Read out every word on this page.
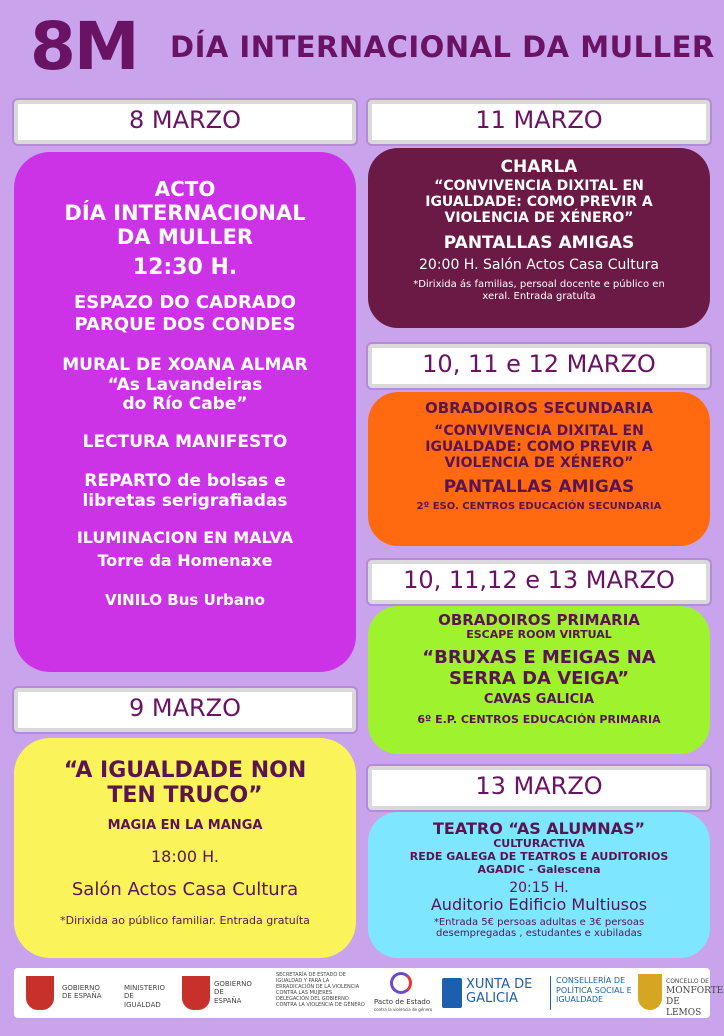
8M DÍA INTERNACIONAL DA MULLER
8 MARZO
ACTO
DÍA INTERNACIONAL
DA MULLER
12:30 H.
ESPAZO DO CADRADO
PARQUE DOS CONDES
MURAL DE XOANA ALMAR
“As Lavandeiras
do Río Cabe”
LECTURA MANIFESTO
REPARTO de bolsas e
libretas serigrafiadas
ILUMINACION EN MALVA
Torre da Homenaxe
VINILO Bus Urbano
9 MARZO
“A IGUALDADE NON
TEN TRUCO”
MAGIA EN LA MANGA
18:00 H.
Salón Actos Casa Cultura
*Dirixida ao público familiar. Entrada gratuíta
11 MARZO
CHARLA
“CONVIVENCIA DIXITAL EN
IGUALDADE: COMO PREVIR A
VIOLENCIA DE XÉNERO”
PANTALLAS AMIGAS
20:00 H. Salón Actos Casa Cultura
*Dirixida ás familias, persoal docente e público en
xeral. Entrada gratuíta
10, 11 e 12 MARZO
OBRADOIROS SECUNDARIA
“CONVIVENCIA DIXITAL EN
IGUALDADE: COMO PREVIR A
VIOLENCIA DE XÉNERO”
PANTALLAS AMIGAS
2º ESO. CENTROS EDUCACIÓN SECUNDARIA
10, 11,12 e 13 MARZO
OBRADOIROS PRIMARIA
ESCAPE ROOM VIRTUAL
“BRUXAS E MEIGAS NA
SERRA DA VEIGA”
CAVAS GALICIA
6º E.P. CENTROS EDUCACIÓN PRIMARIA
13 MARZO
TEATRO “AS ALUMNAS”
CULTURACTIVA
REDE GALEGA DE TEATROS E AUDITORIOS
AGADIC - Galescena
20:15 H.
Auditorio Edificio Multiusos
*Entrada 5€ persoas adultas e 3€ persoas
desempregadas , estudantes e xubiladas
GOBIERNO DE ESPAÑA
MINISTERIO DE IGUALDAD
GOBIERNO DE ESPAÑA
SECRETARÍA DE ESTADO DE IGUALDAD Y PARA LA ERRADICACIÓN DE LA VIOLENCIA CONTRA LAS MUJERES
DELEGACIÓN DEL GOBIERNO CONTRA LA VIOLENCIA DE GÉNERO Pacto de Estado
contra la violencia de género
XUNTA DE GALICIA
CONSELLERÍA DE POLÍTICA SOCIAL E IGUALDADE
CONCELLO DE
MONFORTE DE LEMOS
